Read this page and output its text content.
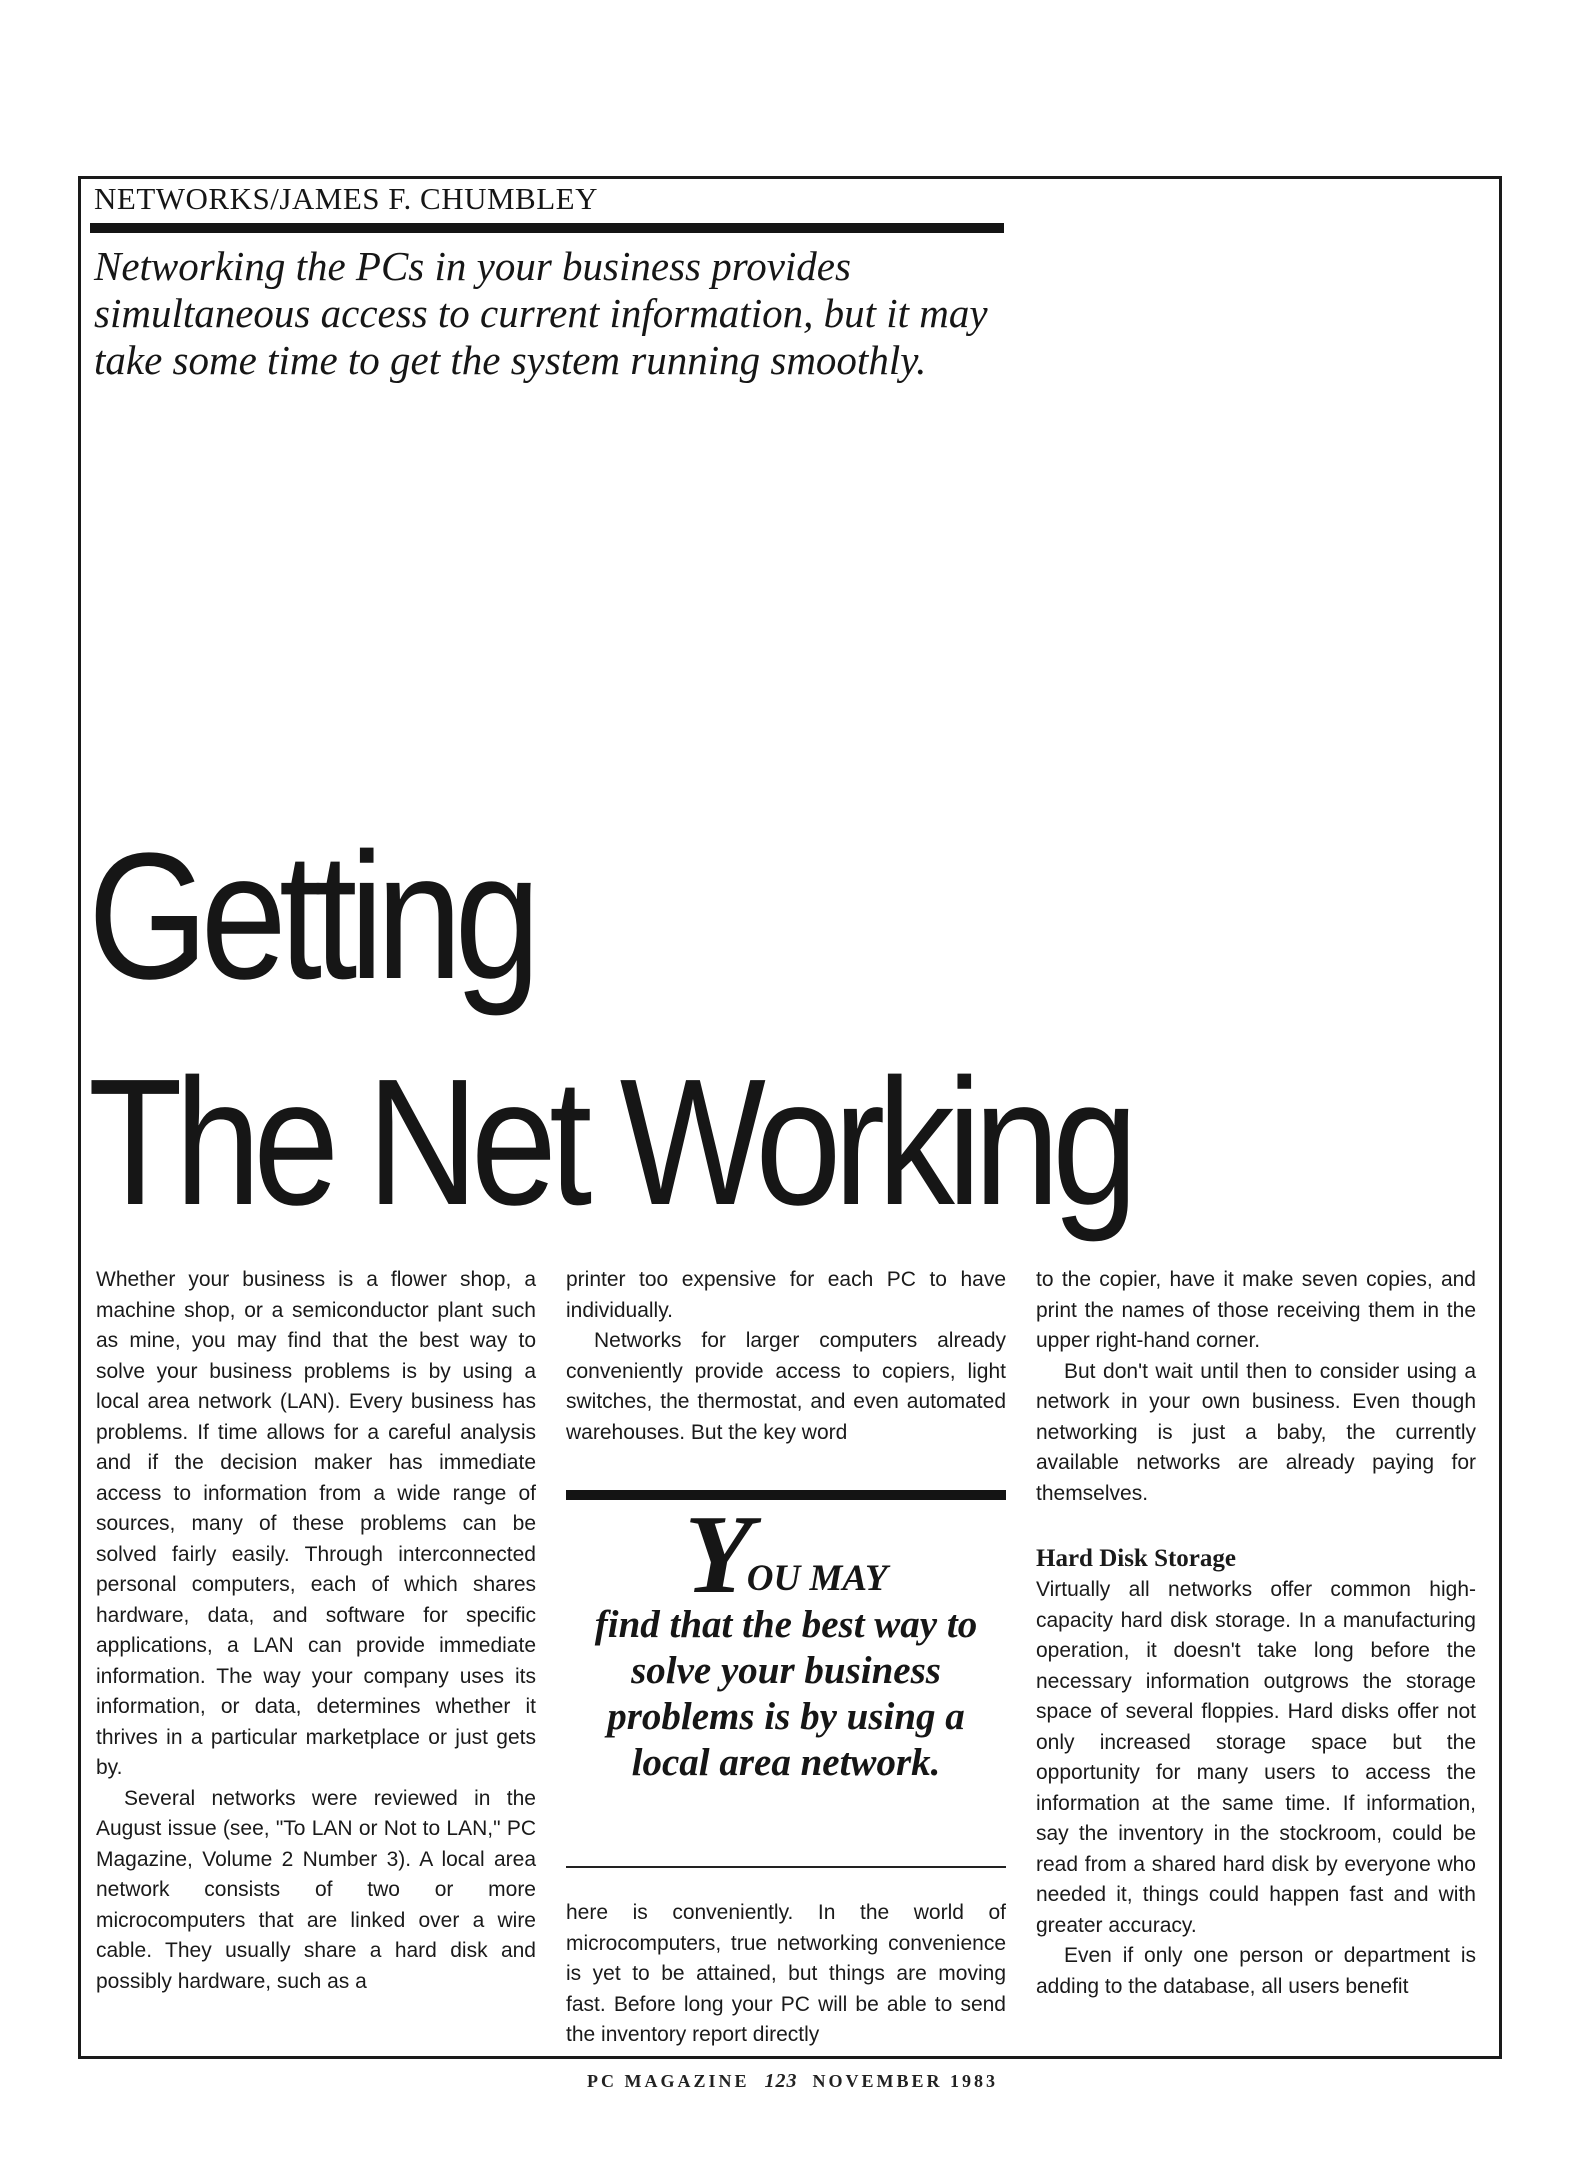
NETWORKS/JAMES F. CHUMBLEY
Networking the PCs in your business provides simultaneous access to current information, but it may take some time to get the system running smoothly.
Getting
The Net Working

Whether your business is a flower shop, a machine shop, or a semiconductor plant such as mine, you may find that the best way to solve your business problems is by using a local area network (LAN). Every business has problems. If time allows for a careful analysis and if the decision maker has immediate access to information from a wide range of sources, many of these problems can be solved fairly easily. Through interconnected personal computers, each of which shares hardware, data, and software for specific applications, a LAN can provide immediate information. The way your company uses its information, or data, determines whether it thrives in a particular marketplace or just gets by.

Several networks were reviewed in the August issue (see, "To LAN or Not to LAN," PC Magazine, Volume 2 Number 3). A local area network consists of two or more microcomputers that are linked over a wire cable. They usually share a hard disk and possibly hardware, such as a

printer too expensive for each PC to have individually.

Networks for larger computers already conveniently provide access to copiers, light switches, the thermostat, and even automated warehouses. But the key word

YOU MAY
find that the best way to solve your business problems is by using a local area network.

here is conveniently. In the world of microcomputers, true networking convenience is yet to be attained, but things are moving fast. Before long your PC will be able to send the inventory report directly

to the copier, have it make seven copies, and print the names of those receiving them in the upper right-hand corner.

But don't wait until then to consider using a network in your own business. Even though networking is just a baby, the currently available networks are already paying for themselves.

Hard Disk Storage

Virtually all networks offer common high-capacity hard disk storage. In a manufacturing operation, it doesn't take long before the necessary information outgrows the storage space of several floppies. Hard disks offer not only increased storage space but the opportunity for many users to access the information at the same time. If information, say the inventory in the stockroom, could be read from a shared hard disk by everyone who needed it, things could happen fast and with greater accuracy.

Even if only one person or department is adding to the database, all users benefit

PC MAGAZINE 123 NOVEMBER 1983
